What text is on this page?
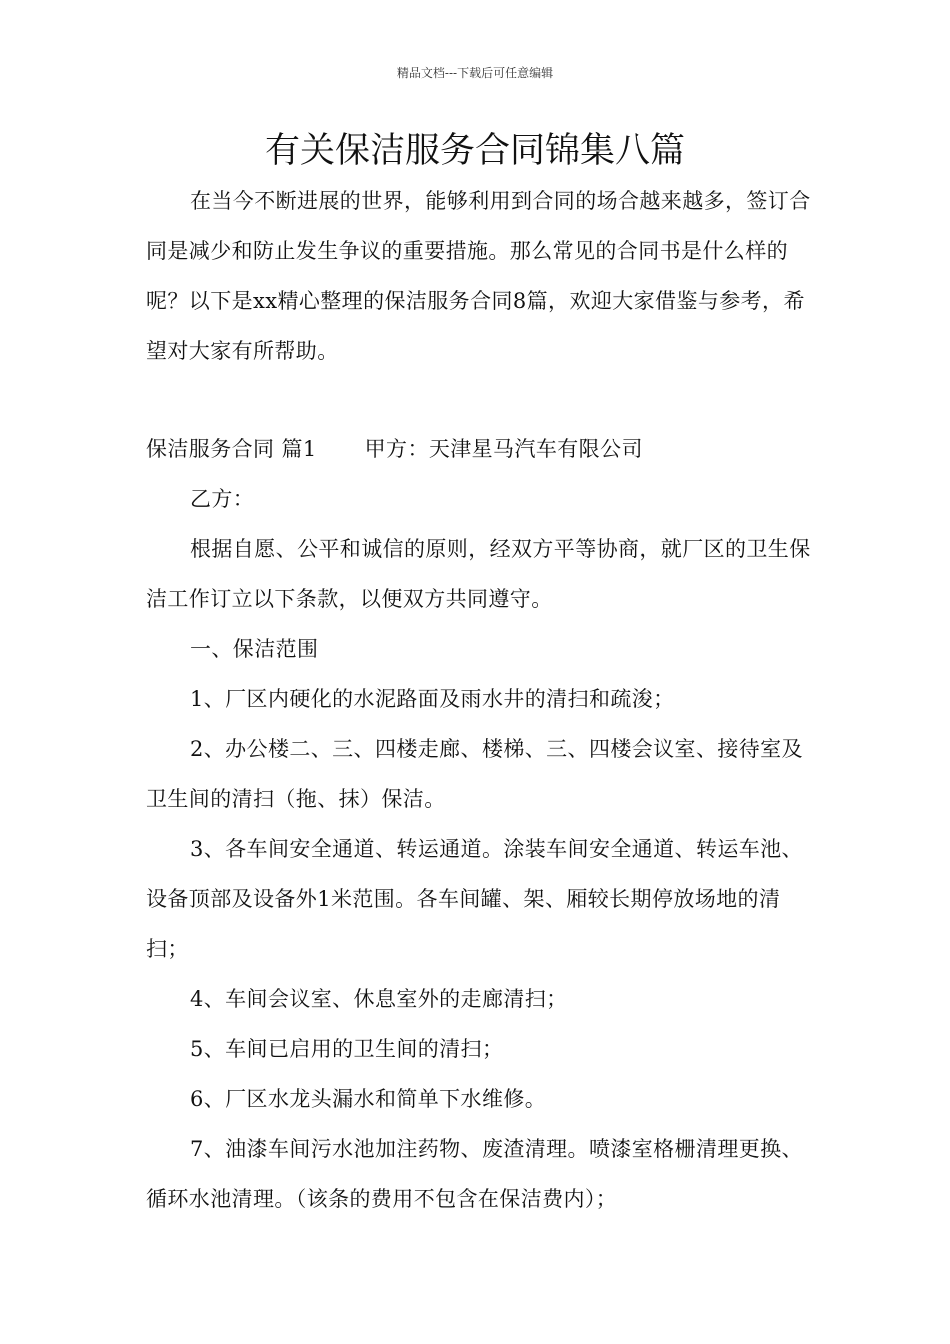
精品文档---下载后可任意编辑
有关保洁服务合同锦集八篇

在当今不断进展的世界，能够利用到合同的场合越来越多，签订合同是减少和防止发生争议的重要措施。那么常见的合同书是什么样的呢？以下是xx精心整理的保洁服务合同8篇，欢迎大家借鉴与参考，希望对大家有所帮助。

保洁服务合同 篇1 甲方：天津星马汽车有限公司

乙方：

根据自愿、公平和诚信的原则，经双方平等协商，就厂区的卫生保洁工作订立以下条款，以便双方共同遵守。

一、保洁范围

1、厂区内硬化的水泥路面及雨水井的清扫和疏浚；

2、办公楼二、三、四楼走廊、楼梯、三、四楼会议室、接待室及卫生间的清扫（拖、抹）保洁。

3、各车间安全通道、转运通道。涂装车间安全通道、转运车池、设备顶部及设备外1米范围。各车间罐、架、厢较长期停放场地的清扫；

4、车间会议室、休息室外的走廊清扫；

5、车间已启用的卫生间的清扫；

6、厂区水龙头漏水和简单下水维修。

7、油漆车间污水池加注药物、废渣清理。喷漆室格栅清理更换、循环水池清理。（该条的费用不包含在保洁费内）；
